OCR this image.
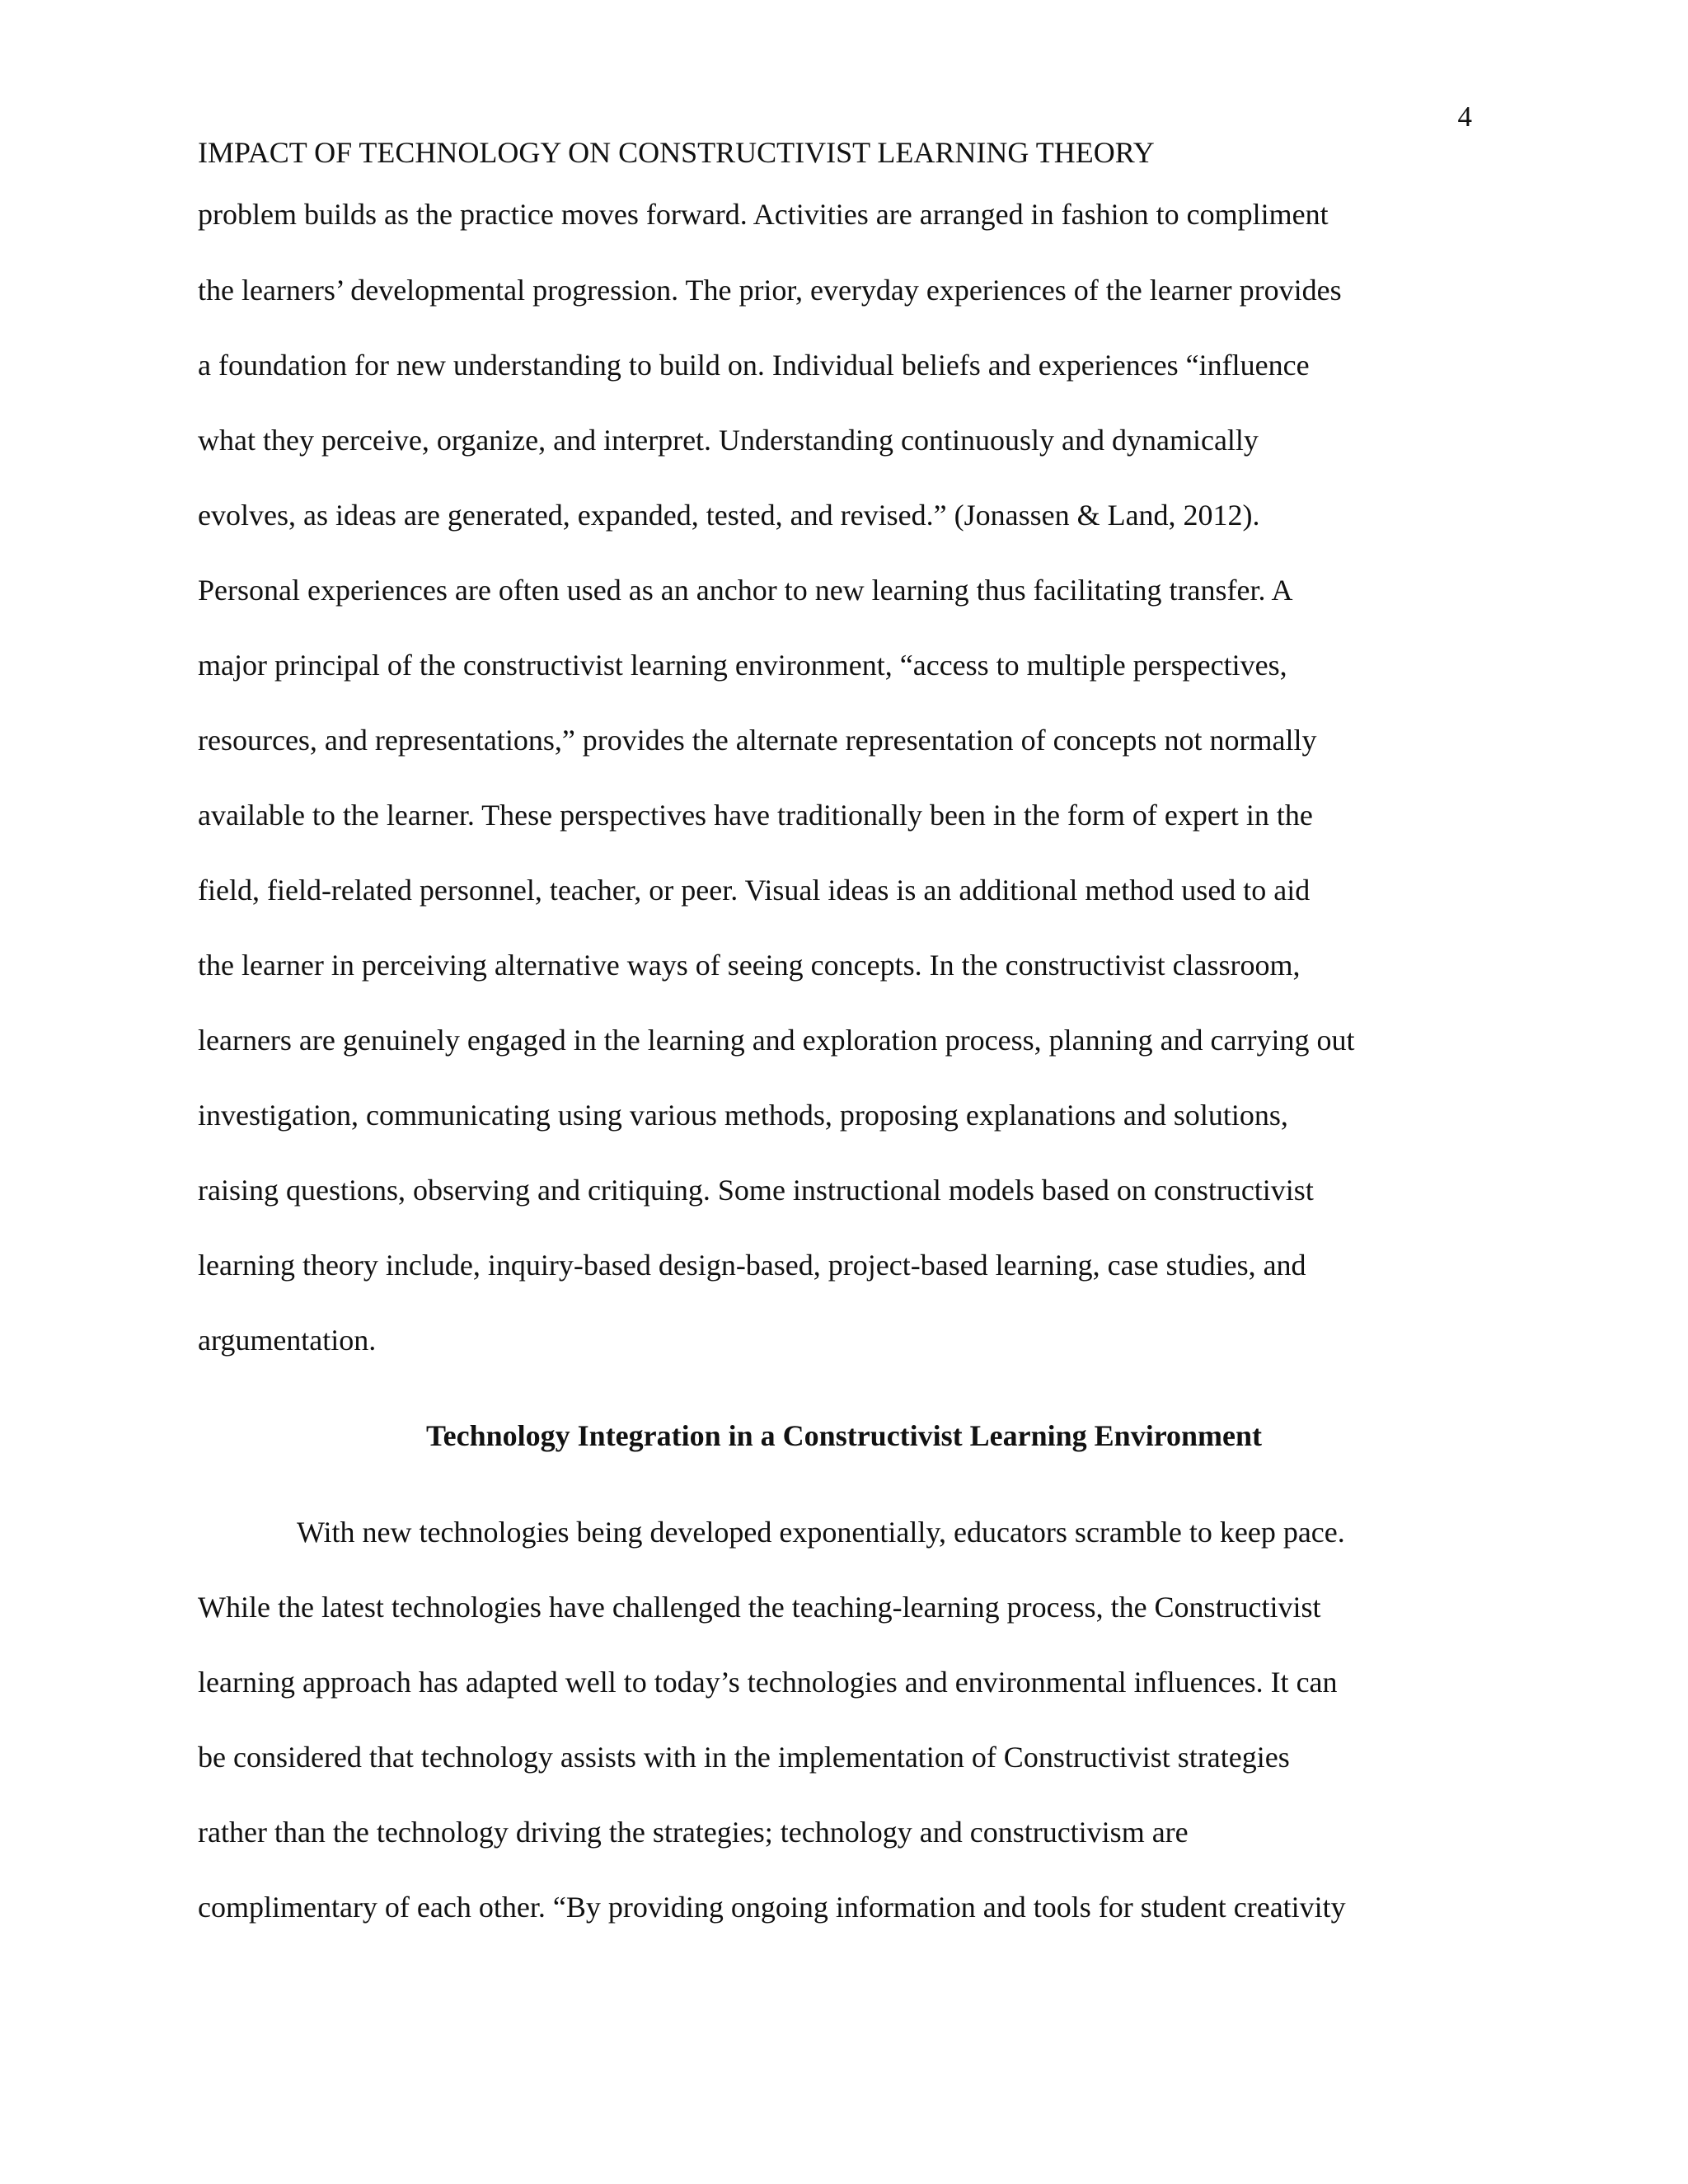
4
IMPACT OF TECHNOLOGY ON CONSTRUCTIVIST LEARNING THEORY
problem builds as the practice moves forward. Activities are arranged in fashion to compliment
the learners’ developmental progression. The prior, everyday experiences of the learner provides
a foundation for new understanding to build on. Individual beliefs and experiences “influence
what they perceive, organize, and interpret. Understanding continuously and dynamically
evolves, as ideas are generated, expanded, tested, and revised.” (Jonassen & Land, 2012).
Personal experiences are often used as an anchor to new learning thus facilitating transfer. A
major principal of the constructivist learning environment, “access to multiple perspectives,
resources, and representations,” provides the alternate representation of concepts not normally
available to the learner. These perspectives have traditionally been in the form of expert in the
field, field-related personnel, teacher, or peer. Visual ideas is an additional method used to aid
the learner in perceiving alternative ways of seeing concepts. In the constructivist classroom,
learners are genuinely engaged in the learning and exploration process, planning and carrying out
investigation, communicating using various methods, proposing explanations and solutions,
raising questions, observing and critiquing. Some instructional models based on constructivist
learning theory include, inquiry-based design-based, project-based learning, case studies, and
argumentation.
Technology Integration in a Constructivist Learning Environment
With new technologies being developed exponentially, educators scramble to keep pace.
While the latest technologies have challenged the teaching-learning process, the Constructivist
learning approach has adapted well to today’s technologies and environmental influences. It can
be considered that technology assists with in the implementation of Constructivist strategies
rather than the technology driving the strategies; technology and constructivism are
complimentary of each other. “By providing ongoing information and tools for student creativity
